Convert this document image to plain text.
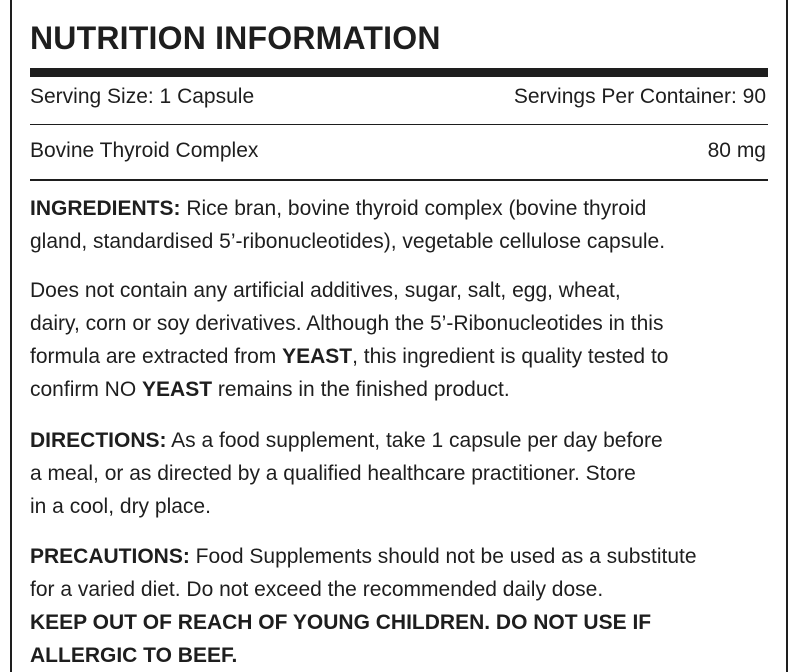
NUTRITION INFORMATION
Serving Size: 1 Capsule	Servings Per Container: 90
Bovine Thyroid Complex	80 mg
INGREDIENTS: Rice bran, bovine thyroid complex (bovine thyroid
gland, standardised 5’-ribonucleotides), vegetable cellulose capsule.
Does not contain any artificial additives, sugar, salt, egg, wheat,
dairy, corn or soy derivatives. Although the 5’-Ribonucleotides in this
formula are extracted from YEAST, this ingredient is quality tested to
confirm NO YEAST remains in the finished product.
DIRECTIONS: As a food supplement, take 1 capsule per day before
a meal, or as directed by a qualified healthcare practitioner. Store
in a cool, dry place.
PRECAUTIONS: Food Supplements should not be used as a substitute
for a varied diet. Do not exceed the recommended daily dose.
KEEP OUT OF REACH OF YOUNG CHILDREN. DO NOT USE IF
ALLERGIC TO BEEF.
